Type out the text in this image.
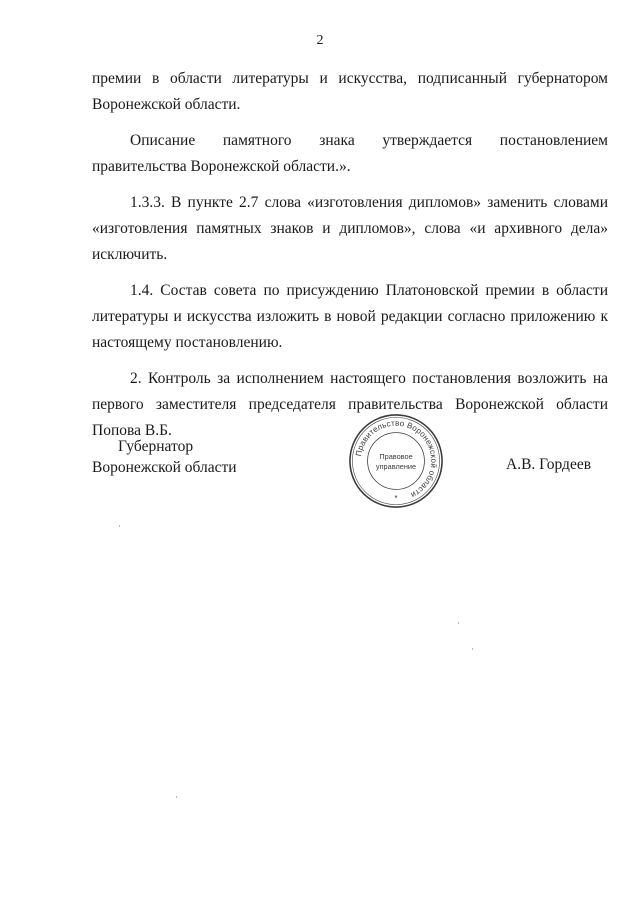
2

премии в области литературы и искусства, подписанный губернатором Воронежской области.

Описание памятного знака утверждается постановлением правительства Воронежской области.».

1.3.3. В пункте 2.7 слова «изготовления дипломов» заменить словами «изготовления памятных знаков и дипломов», слова «и архивного дела» исключить.

1.4. Состав совета по присуждению Платоновской премии в области литературы и искусства изложить в новой редакции согласно приложению к настоящему постановлению.

2. Контроль за исполнением настоящего постановления возложить на первого заместителя председателя правительства Воронежской области Попова В.Б.

Губернатор
Воронежской области
Правительство Воронежской области
Правовое
управление
*
А.В. Гордеев
